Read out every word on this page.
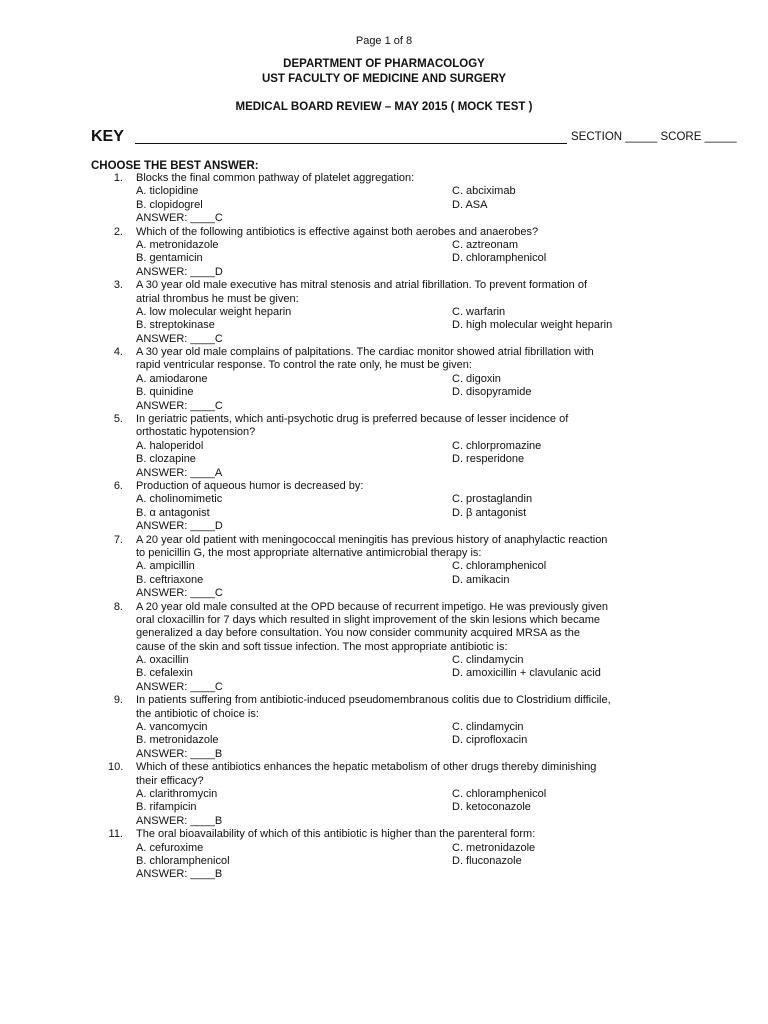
Page 1 of 8
DEPARTMENT OF PHARMACOLOGY
UST FACULTY OF MEDICINE AND SURGERY
MEDICAL BOARD REVIEW – MAY 2015 ( MOCK TEST )
KEY	SECTION _____ SCORE _____
CHOOSE THE BEST ANSWER:
1. Blocks the final common pathway of platelet aggregation:
A. ticlopidine	C. abciximab
B. clopidogrel	D. ASA
ANSWER: ____C
2. Which of the following antibiotics is effective against both aerobes and anaerobes?
A. metronidazole	C. aztreonam
B. gentamicin	D. chloramphenicol
ANSWER: ____D
3. A 30 year old male executive has mitral stenosis and atrial fibrillation. To prevent formation of
atrial thrombus he must be given:
A. low molecular weight heparin	C. warfarin
B. streptokinase	D. high molecular weight heparin
ANSWER: ____C
4. A 30 year old male complains of palpitations. The cardiac monitor showed atrial fibrillation with
rapid ventricular response. To control the rate only, he must be given:
A. amiodarone	C. digoxin
B. quinidine	D. disopyramide
ANSWER: ____C
5. In geriatric patients, which anti-psychotic drug is preferred because of lesser incidence of
orthostatic hypotension?
A. haloperidol	C. chlorpromazine
B. clozapine	D. resperidone
ANSWER: ____A
6. Production of aqueous humor is decreased by:
A. cholinomimetic	C. prostaglandin
B. α antagonist	D. β antagonist
ANSWER: ____D
7. A 20 year old patient with meningococcal meningitis has previous history of anaphylactic reaction
to penicillin G, the most appropriate alternative antimicrobial therapy is:
A. ampicillin	C. chloramphenicol
B. ceftriaxone	D. amikacin
ANSWER: ____C
8. A 20 year old male consulted at the OPD because of recurrent impetigo. He was previously given
oral cloxacillin for 7 days which resulted in slight improvement of the skin lesions which became
generalized a day before consultation. You now consider community acquired MRSA as the
cause of the skin and soft tissue infection. The most appropriate antibiotic is:
A. oxacillin	C. clindamycin
B. cefalexin	D. amoxicillin + clavulanic acid
ANSWER: ____C
9. In patients suffering from antibiotic-induced pseudomembranous colitis due to Clostridium difficile,
the antibiotic of choice is:
A. vancomycin	C. clindamycin
B. metronidazole	D. ciprofloxacin
ANSWER: ____B
10. Which of these antibiotics enhances the hepatic metabolism of other drugs thereby diminishing
their efficacy?
A. clarithromycin	C. chloramphenicol
B. rifampicin	D. ketoconazole
ANSWER: ____B
11. The oral bioavailability of which of this antibiotic is higher than the parenteral form:
A. cefuroxime	C. metronidazole
B. chloramphenicol	D. fluconazole
ANSWER: ____B
